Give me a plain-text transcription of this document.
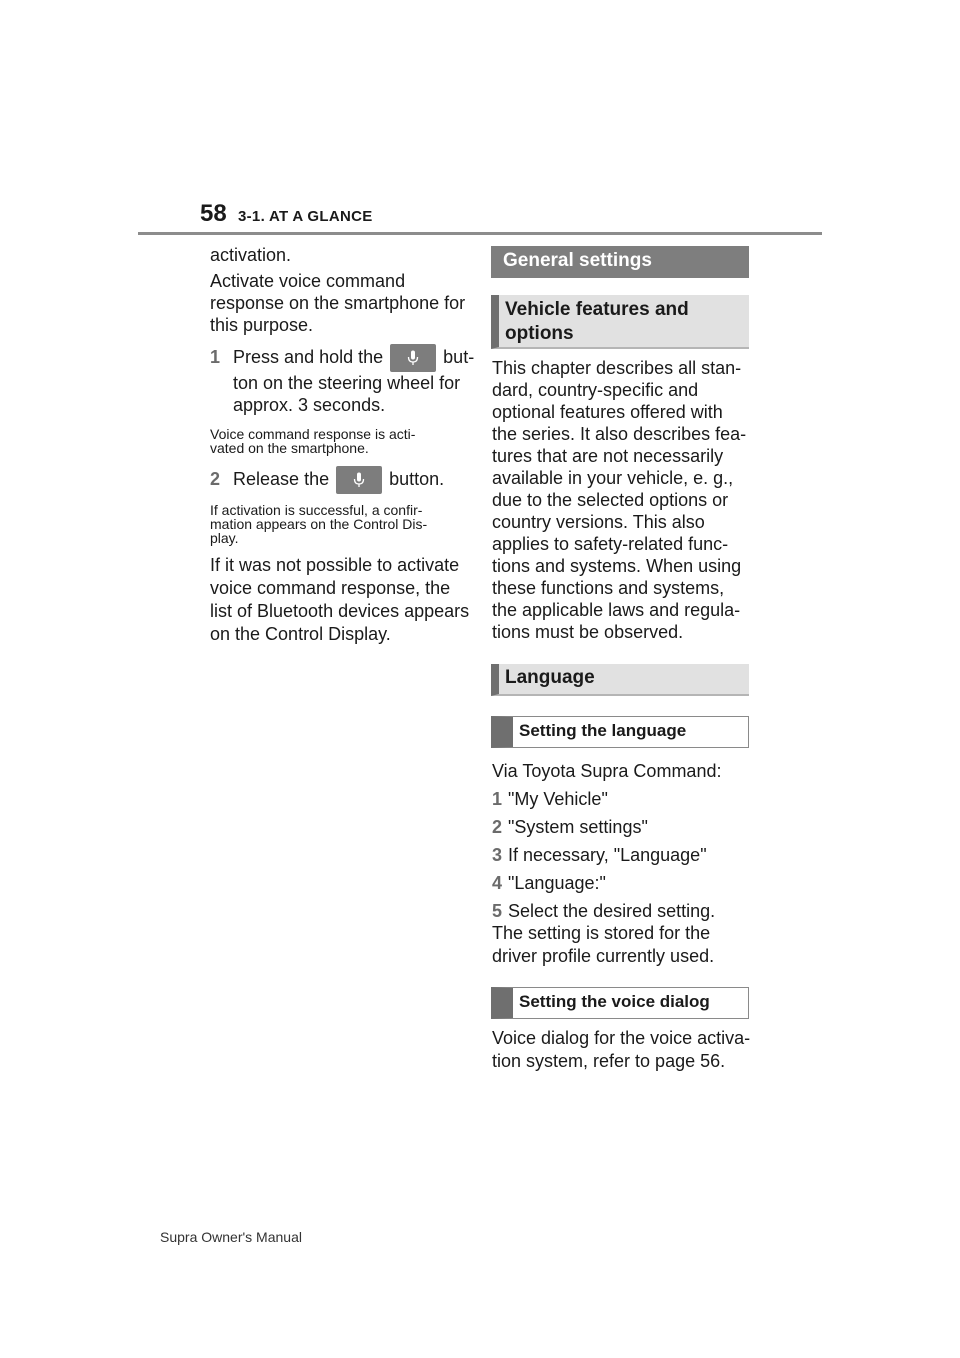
58 3-1. AT A GLANCE

activation.

Activate voice command

response on the smartphone for

this purpose.

1 Press and hold the	but-

ton on the steering wheel for

approx. 3 seconds.

Voice command response is acti-

vated on the smartphone.

2 Release the	button.

If activation is successful, a confir-

mation appears on the Control Dis-

play.

If it was not possible to activate

voice command response, the

list of Bluetooth devices appears

on the Control Display.

General settings
Vehicle features and
options

This chapter describes all stan-

dard, country-specific and

optional features offered with

the series. It also describes fea-

tures that are not necessarily

available in your vehicle, e. g.,

due to the selected options or

country versions. This also

applies to safety-related func-

tions and systems. When using

these functions and systems,

the applicable laws and regula-

tions must be observed.

Language
Setting the language

Via Toyota Supra Command:

1 "My Vehicle"

2 "System settings"

3 If necessary, "Language"

4 "Language:"

5 Select the desired setting.

The setting is stored for the

driver profile currently used.

Setting the voice dialog

Voice dialog for the voice activa-

tion system, refer to page 56.

Supra Owner's Manual
